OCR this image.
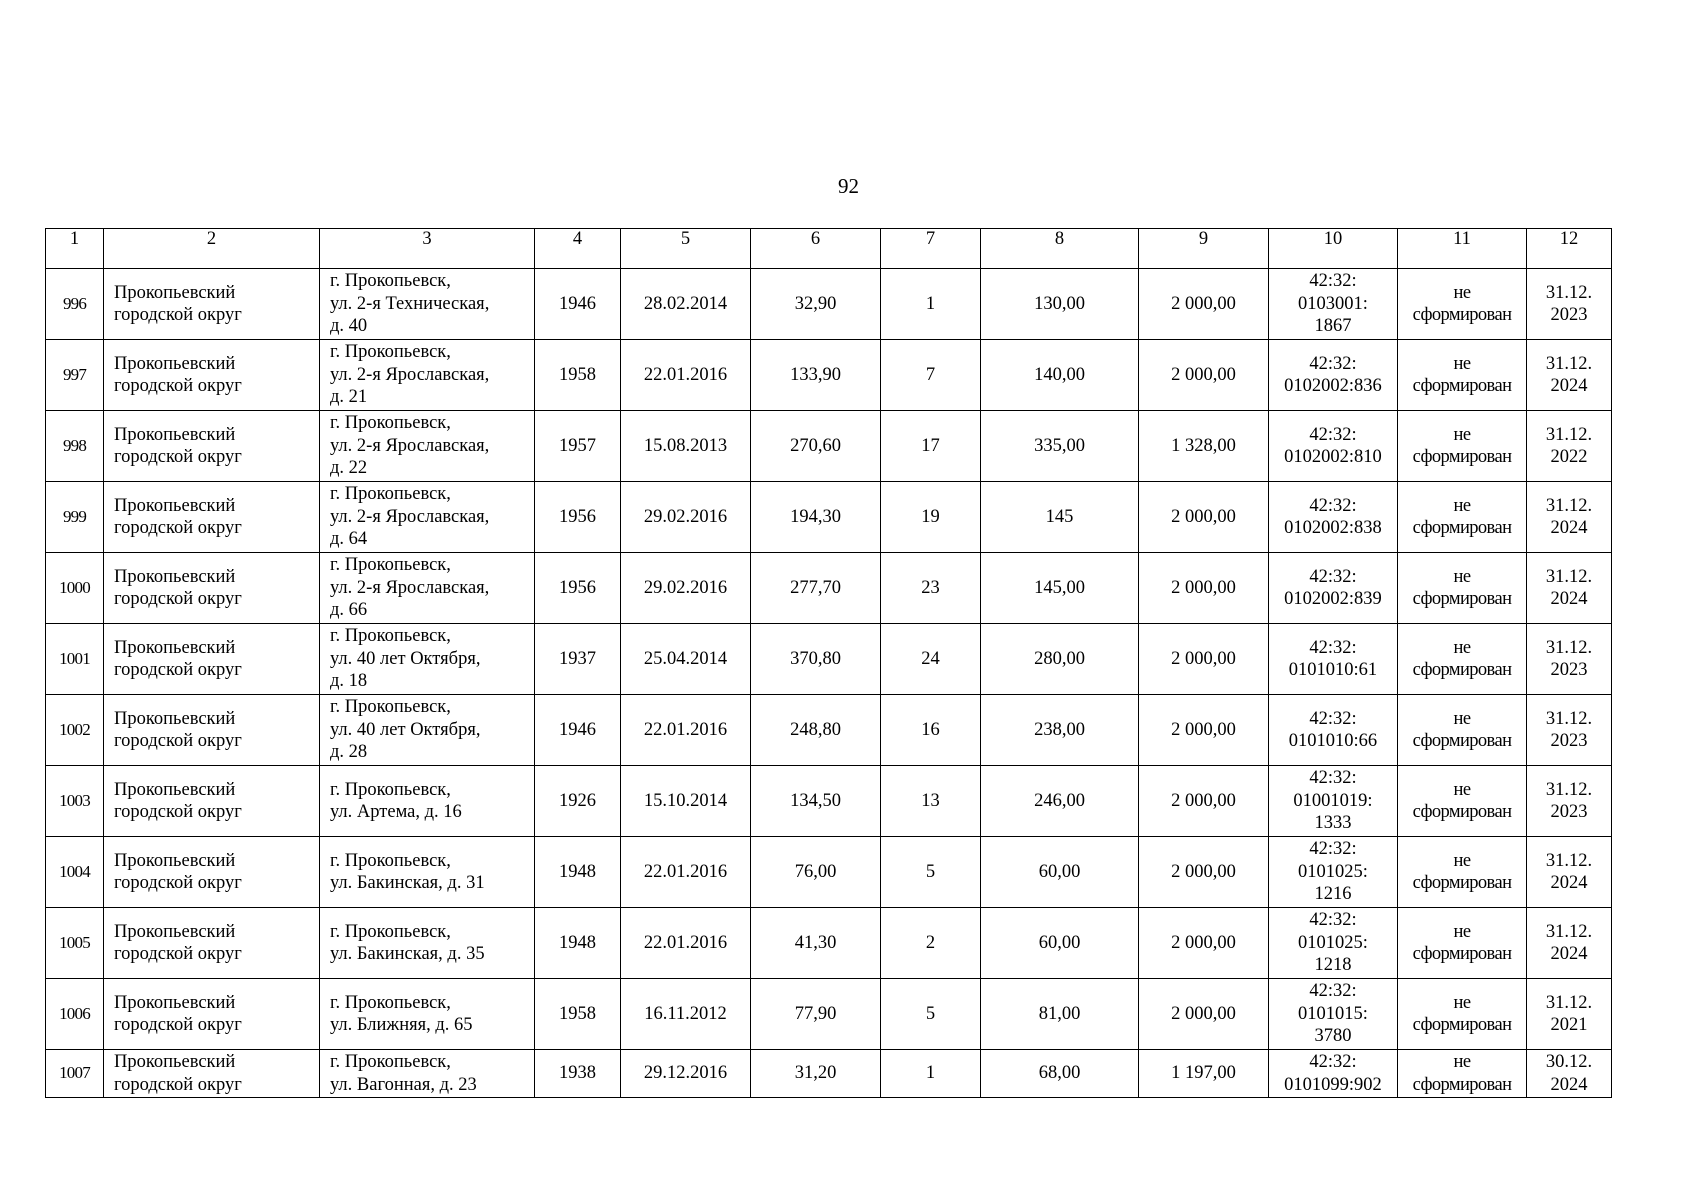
92
1	2	3	4	5	6	7	8	9	10	11	12
996	Прокопьевский
городской округ	г. Прокопьевск,
ул. 2-я Техническая,
д. 40	1946	28.02.2014	32,90	1	130,00	2 000,00	42:32:
0103001:
1867	не
сформирован	31.12.
2023

997	Прокопьевский
городской округ	г. Прокопьевск,
ул. 2-я Ярославская,
д. 21	1958	22.01.2016	133,90	7	140,00	2 000,00	42:32:
0102002:836	не
сформирован	31.12.
2024

998	Прокопьевский
городской округ	г. Прокопьевск,
ул. 2-я Ярославская,
д. 22	1957	15.08.2013	270,60	17	335,00	1 328,00	42:32:
0102002:810	не
сформирован	31.12.
2022

999	Прокопьевский
городской округ	г. Прокопьевск,
ул. 2-я Ярославская,
д. 64	1956	29.02.2016	194,30	19	145	2 000,00	42:32:
0102002:838	не
сформирован	31.12.
2024

1000	Прокопьевский
городской округ	г. Прокопьевск,
ул. 2-я Ярославская,
д. 66	1956	29.02.2016	277,70	23	145,00	2 000,00	42:32:
0102002:839	не
сформирован	31.12.
2024

1001	Прокопьевский
городской округ	г. Прокопьевск,
ул. 40 лет Октября,
д. 18	1937	25.04.2014	370,80	24	280,00	2 000,00	42:32:
0101010:61	не
сформирован	31.12.
2023

1002	Прокопьевский
городской округ	г. Прокопьевск,
ул. 40 лет Октября,
д. 28	1946	22.01.2016	248,80	16	238,00	2 000,00	42:32:
0101010:66	не
сформирован	31.12.
2023

1003	Прокопьевский
городской округ	г. Прокопьевск,
ул. Артема, д. 16	1926	15.10.2014	134,50	13	246,00	2 000,00	42:32:
01001019:
1333	не
сформирован	31.12.
2023

1004	Прокопьевский
городской округ	г. Прокопьевск,
ул. Бакинская, д. 31	1948	22.01.2016	76,00	5	60,00	2 000,00	42:32:
0101025:
1216	не
сформирован	31.12.
2024

1005	Прокопьевский
городской округ	г. Прокопьевск,
ул. Бакинская, д. 35	1948	22.01.2016	41,30	2	60,00	2 000,00	42:32:
0101025:
1218	не
сформирован	31.12.
2024

1006	Прокопьевский
городской округ	г. Прокопьевск,
ул. Ближняя, д. 65	1958	16.11.2012	77,90	5	81,00	2 000,00	42:32:
0101015:
3780	не
сформирован	31.12.
2021

1007	Прокопьевский
городской округ	г. Прокопьевск,
ул. Вагонная, д. 23	1938	29.12.2016	31,20	1	68,00	1 197,00	42:32:
0101099:902	не
сформирован	30.12.
2024
